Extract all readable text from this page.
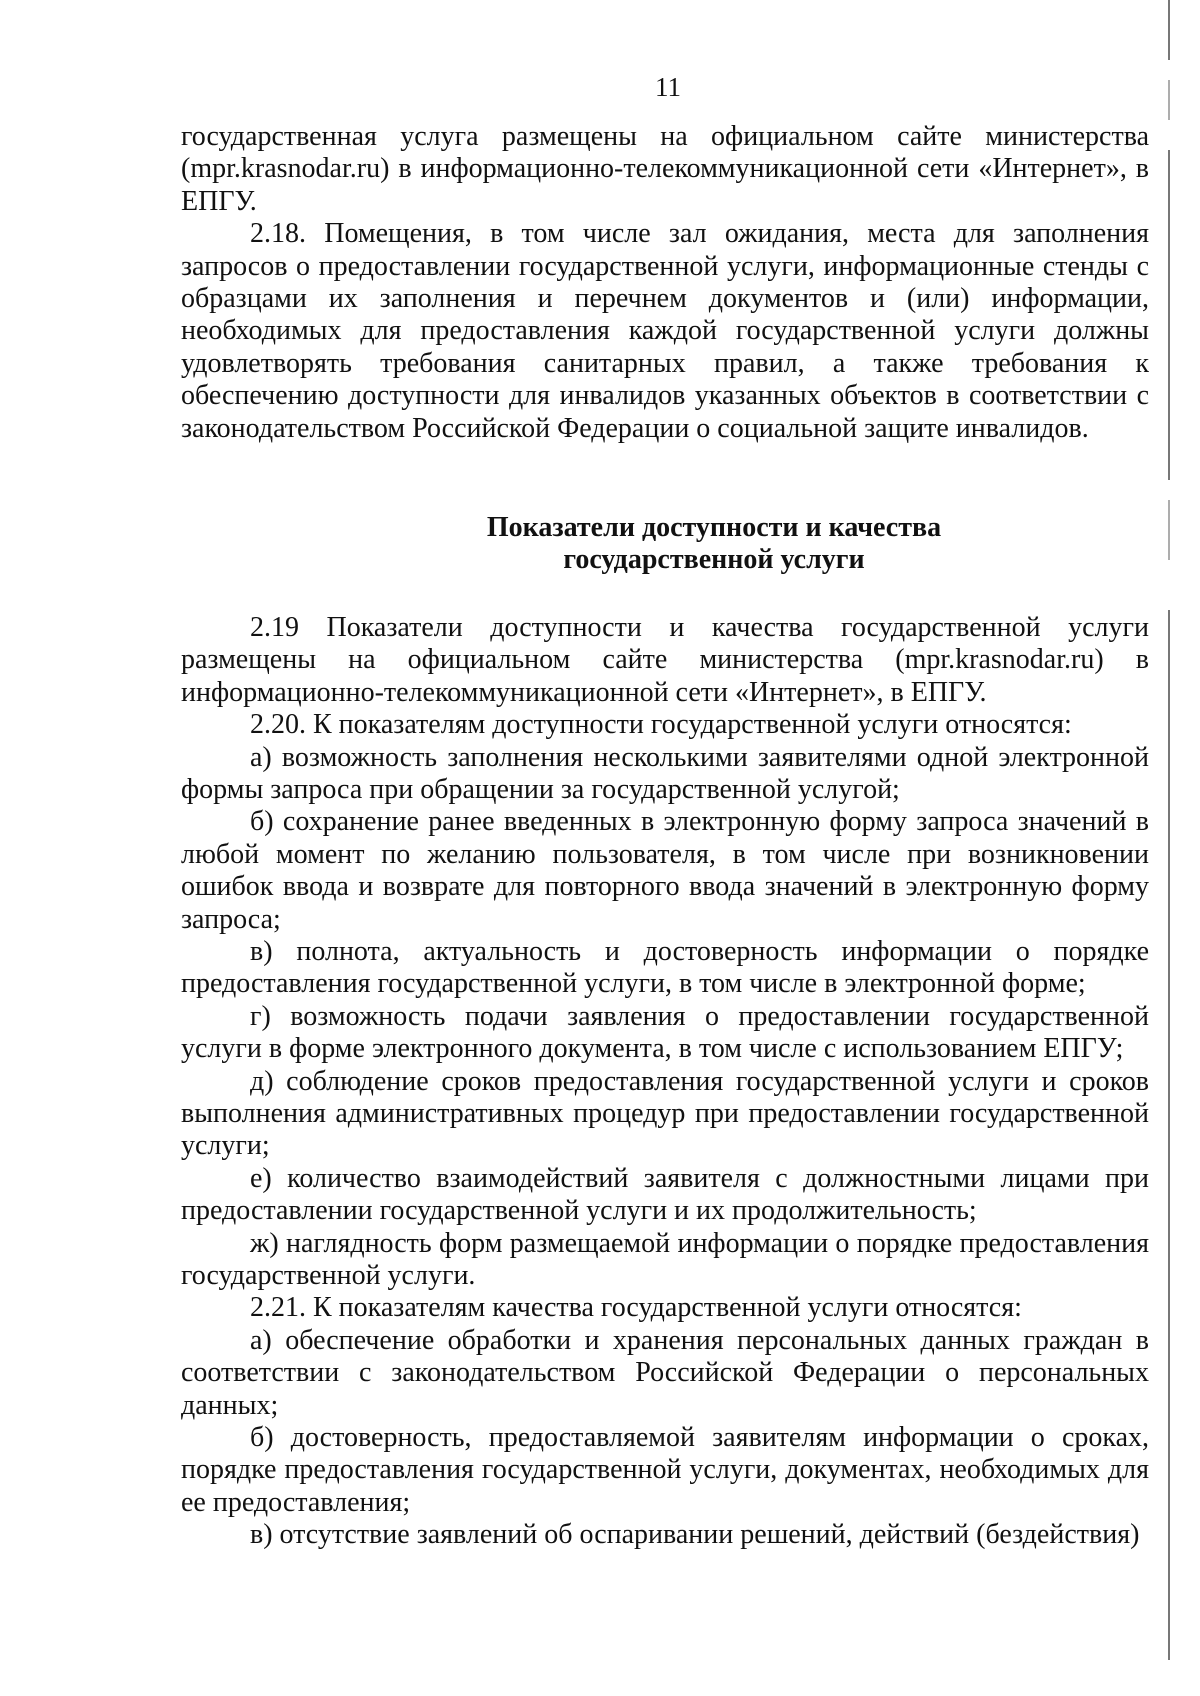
11

государственная услуга размещены на официальном сайте министерства (mpr.krasnodar.ru) в информационно-телекоммуникационной сети «Интернет», в ЕПГУ.

2.18. Помещения, в том числе зал ожидания, места для заполнения запросов о предоставлении государственной услуги, информационные стенды с образцами их заполнения и перечнем документов и (или) информации, необходимых для предоставления каждой государственной услуги должны удовлетворять требования санитарных правил, а также требования к обеспечению доступности для инвалидов указанных объектов в соответствии с законодательством Российской Федерации о социальной защите инвалидов.

Показатели доступности и качества
государственной услуги

2.19 Показатели доступности и качества государственной услуги размещены на официальном сайте министерства (mpr.krasnodar.ru) в информационно-телекоммуникационной сети «Интернет», в ЕПГУ.

2.20. К показателям доступности государственной услуги относятся:

а) возможность заполнения несколькими заявителями одной электронной формы запроса при обращении за государственной услугой;

б) сохранение ранее введенных в электронную форму запроса значений в любой момент по желанию пользователя, в том числе при возникновении ошибок ввода и возврате для повторного ввода значений в электронную форму запроса;

в) полнота, актуальность и достоверность информации о порядке предоставления государственной услуги, в том числе в электронной форме;

г) возможность подачи заявления о предоставлении государственной услуги в форме электронного документа, в том числе с использованием ЕПГУ;

д) соблюдение сроков предоставления государственной услуги и сроков выполнения административных процедур при предоставлении государственной услуги;

е) количество взаимодействий заявителя с должностными лицами при предоставлении государственной услуги и их продолжительность;

ж) наглядность форм размещаемой информации о порядке предоставления государственной услуги.

2.21. К показателям качества государственной услуги относятся:

а) обеспечение обработки и хранения персональных данных граждан в соответствии с законодательством Российской Федерации о персональных данных;

б) достоверность, предоставляемой заявителям информации о сроках, порядке предоставления государственной услуги, документах, необходимых для ее предоставления;

в) отсутствие заявлений об оспаривании решений, действий (бездействия)
